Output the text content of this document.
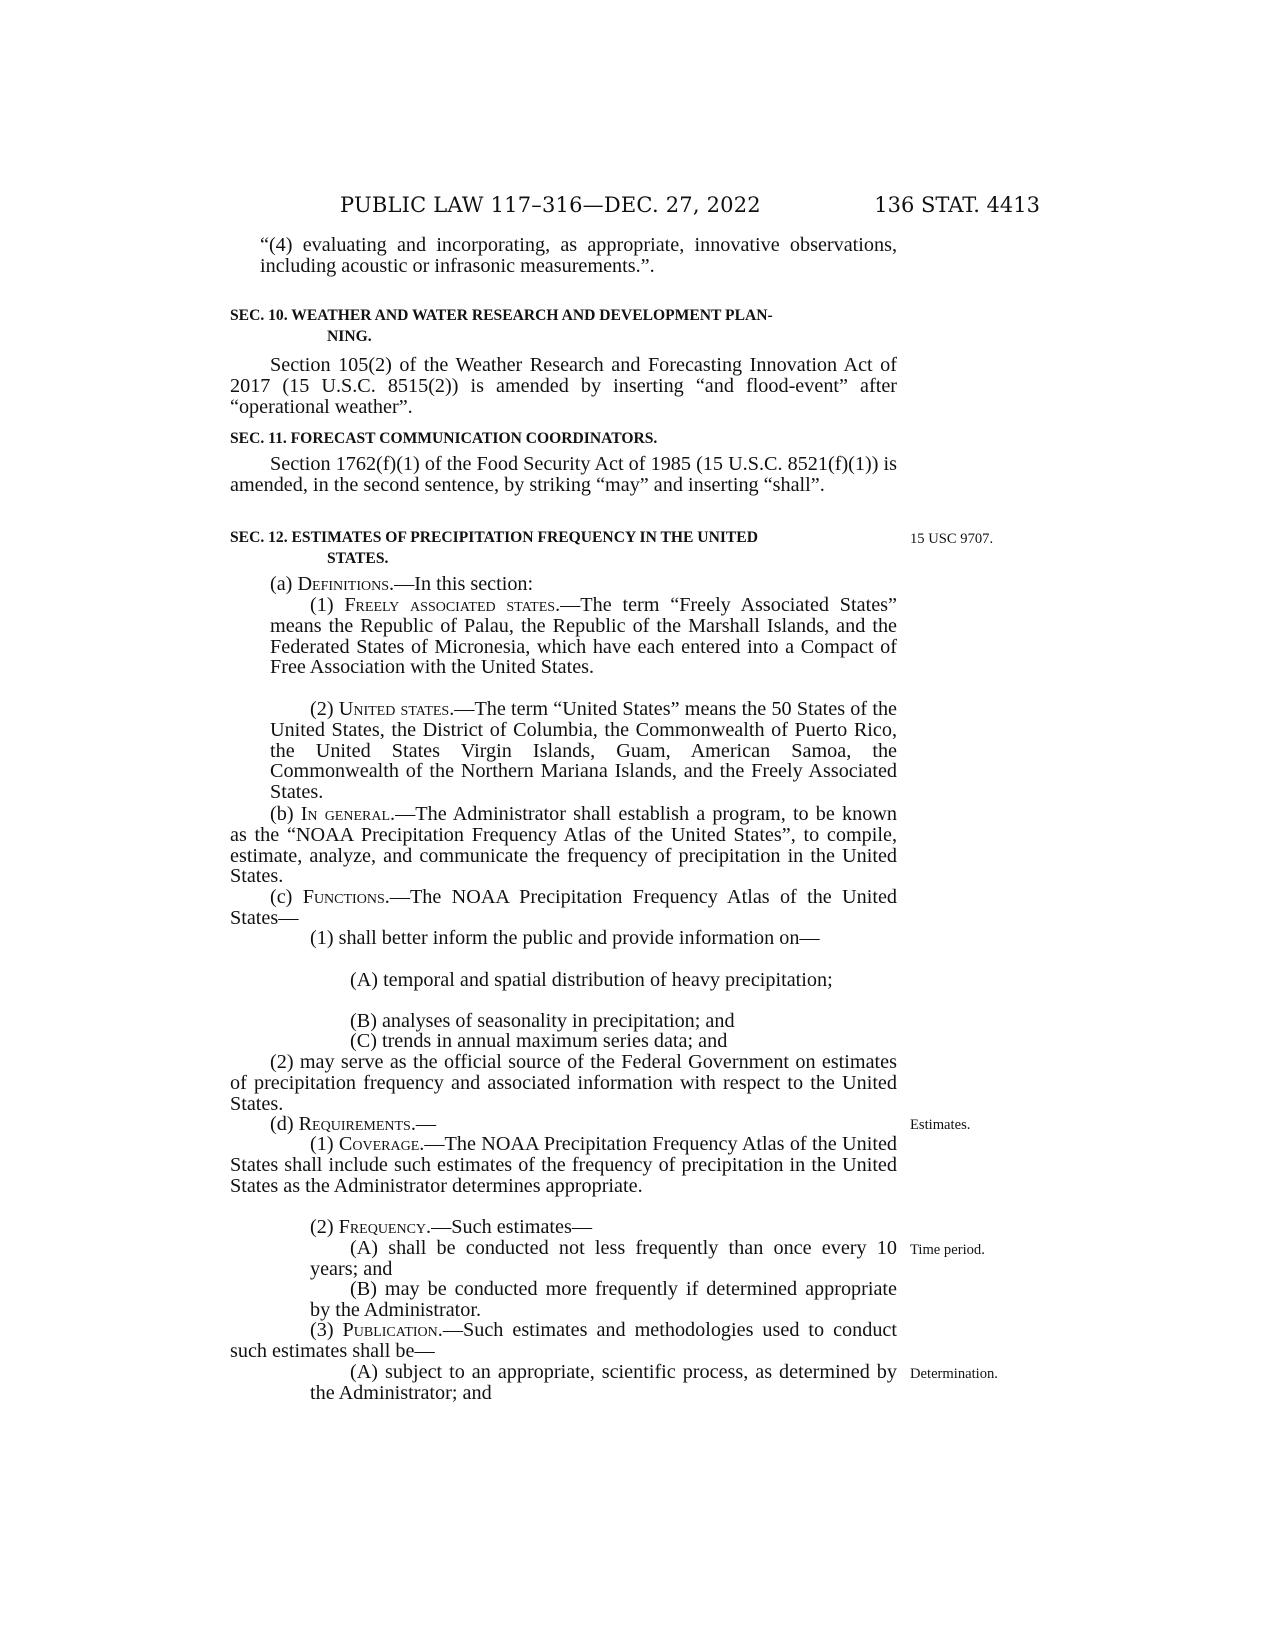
PUBLIC LAW 117–316—DEC. 27, 2022	136 STAT. 4413

“(4) evaluating and incorporating, as appropriate, innovative observations, including acoustic or infrasonic measurements.”.

SEC. 10. WEATHER AND WATER RESEARCH AND DEVELOPMENT PLAN-
NING.

Section 105(2) of the Weather Research and Forecasting Innovation Act of 2017 (15 U.S.C. 8515(2)) is amended by inserting “and flood-event” after “operational weather”.

SEC. 11. FORECAST COMMUNICATION COORDINATORS.

Section 1762(f)(1) of the Food Security Act of 1985 (15 U.S.C. 8521(f)(1)) is amended, in the second sentence, by striking “may” and inserting “shall”.

SEC. 12. ESTIMATES OF PRECIPITATION FREQUENCY IN THE UNITED
STATES.

15 USC 9707.

(a) Definitions.—In this section:

(1) Freely associated states.—The term “Freely Associated States” means the Republic of Palau, the Republic of the Marshall Islands, and the Federated States of Micronesia, which have each entered into a Compact of Free Association with the United States.

(2) United states.—The term “United States” means the 50 States of the United States, the District of Columbia, the Commonwealth of Puerto Rico, the United States Virgin Islands, Guam, American Samoa, the Commonwealth of the Northern Mariana Islands, and the Freely Associated States.

(b) In general.—The Administrator shall establish a program, to be known as the “NOAA Precipitation Frequency Atlas of the United States”, to compile, estimate, analyze, and communicate the frequency of precipitation in the United States.

(c) Functions.—The NOAA Precipitation Frequency Atlas of the United States—

(1) shall better inform the public and provide information on—

(A) temporal and spatial distribution of heavy precipitation;

(B) analyses of seasonality in precipitation; and

(C) trends in annual maximum series data; and

(2) may serve as the official source of the Federal Government on estimates of precipitation frequency and associated information with respect to the United States.

(d) Requirements.—	Estimates.

(1) Coverage.—The NOAA Precipitation Frequency Atlas of the United States shall include such estimates of the frequency of precipitation in the United States as the Administrator determines appropriate.

(2) Frequency.—Such estimates—

(A) shall be conducted not less frequently than once every 10 years; and

Time period.

(B) may be conducted more frequently if determined appropriate by the Administrator.

(3) Publication.—Such estimates and methodologies used to conduct such estimates shall be—

(A) subject to an appropriate, scientific process, as determined by the Administrator; and

Determination.
